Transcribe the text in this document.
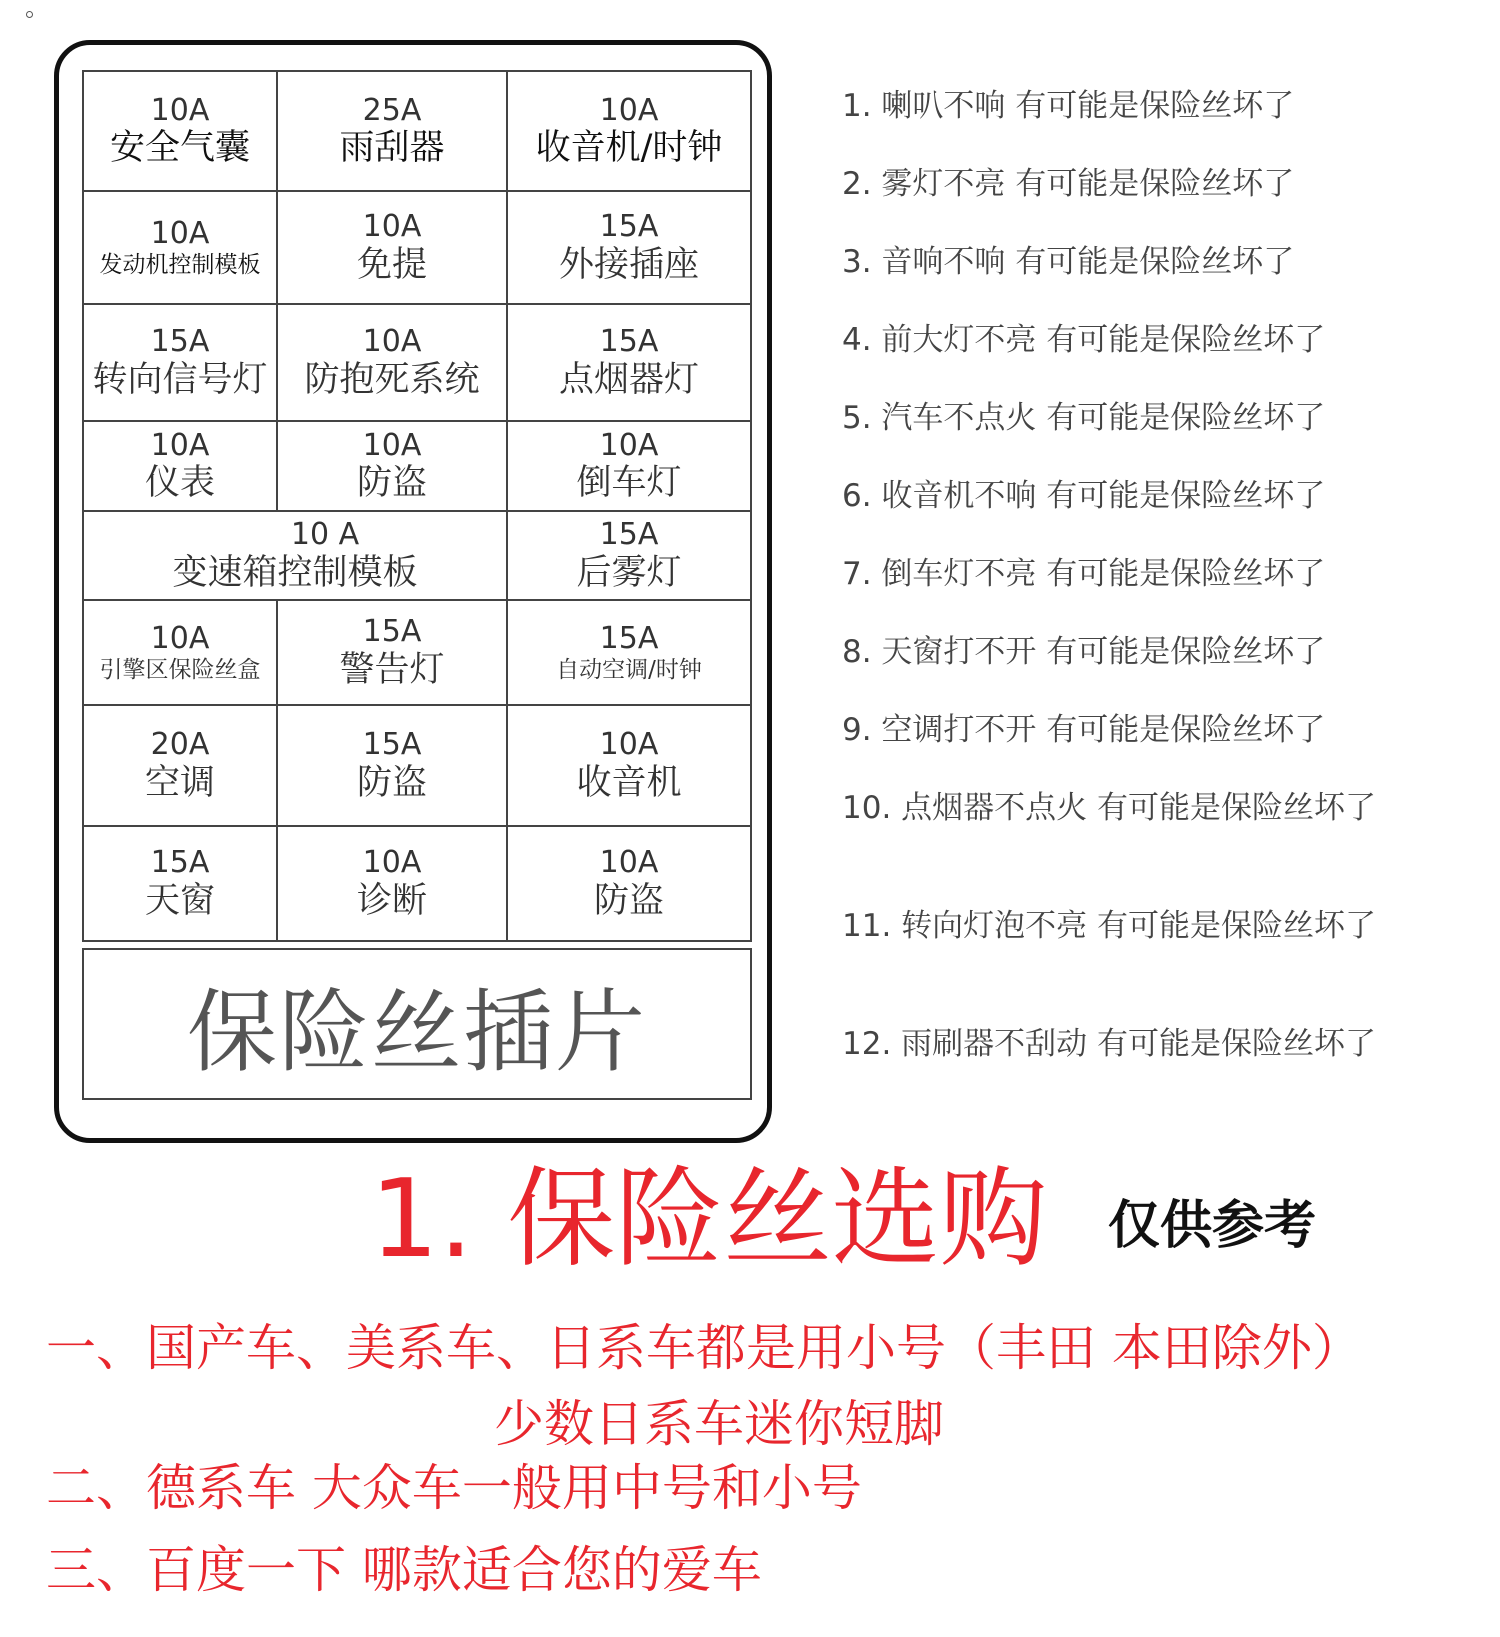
10A
安全气囊
25A
雨刮器
10A
收音机/时钟
10A
发动机控制模板
10A
免提
15A
外接插座
15A
转向信号灯
10A
防抱死系统
15A
点烟器灯
10A
仪表
10A
防盗
10A
倒车灯
10 A
变速箱控制模板
15A
后雾灯
10A
引擎区保险丝盒
15A
警告灯
15A
自动空调/时钟
20A
空调
15A
防盗
10A
收音机
15A
天窗
10A
诊断
10A
防盗
保险丝插片
1. 喇叭不响 有可能是保险丝坏了
2. 雾灯不亮 有可能是保险丝坏了
3. 音响不响 有可能是保险丝坏了
4. 前大灯不亮 有可能是保险丝坏了
5. 汽车不点火 有可能是保险丝坏了
6. 收音机不响 有可能是保险丝坏了
7. 倒车灯不亮 有可能是保险丝坏了
8. 天窗打不开 有可能是保险丝坏了
9. 空调打不开 有可能是保险丝坏了
10. 点烟器不点火 有可能是保险丝坏了
11. 转向灯泡不亮 有可能是保险丝坏了
12. 雨刷器不刮动 有可能是保险丝坏了
1. 保险丝选购 仅供参考
一、国产车、美系车、日系车都是用小号（丰田 本田除外）
少数日系车迷你短脚
二、德系车 大众车一般用中号和小号
三、百度一下 哪款适合您的爱车
